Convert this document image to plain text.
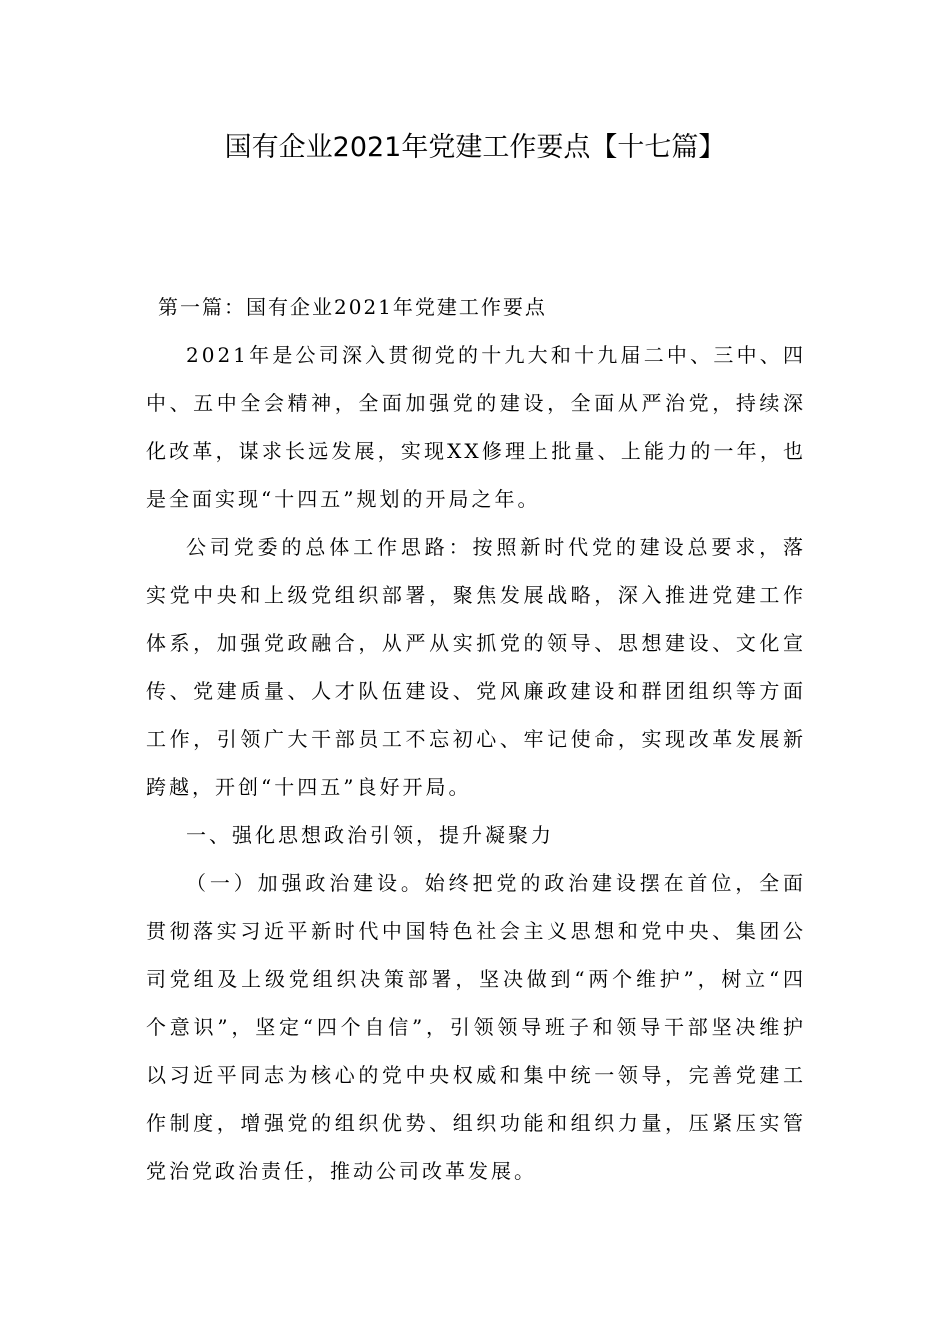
国有企业2021年党建工作要点【十七篇】

第一篇：国有企业2021年党建工作要点

2021年是公司深入贯彻党的十九大和十九届二中、三中、四中、五中全会精神，全面加强党的建设，全面从严治党，持续深化改革，谋求长远发展，实现XX修理上批量、上能力的一年，也是全面实现“十四五”规划的开局之年。

公司党委的总体工作思路：按照新时代党的建设总要求，落实党中央和上级党组织部署，聚焦发展战略，深入推进党建工作体系，加强党政融合，从严从实抓党的领导、思想建设、文化宣传、党建质量、人才队伍建设、党风廉政建设和群团组织等方面工作，引领广大干部员工不忘初心、牢记使命，实现改革发展新跨越，开创“十四五”良好开局。

一、强化思想政治引领，提升凝聚力

（一）加强政治建设。始终把党的政治建设摆在首位，全面贯彻落实习近平新时代中国特色社会主义思想和党中央、集团公司党组及上级党组织决策部署，坚决做到“两个维护”，树立“四个意识”，坚定“四个自信”，引领领导班子和领导干部坚决维护以习近平同志为核心的党中央权威和集中统一领导，完善党建工作制度，增强党的组织优势、组织功能和组织力量，压紧压实管党治党政治责任，推动公司改革发展。
